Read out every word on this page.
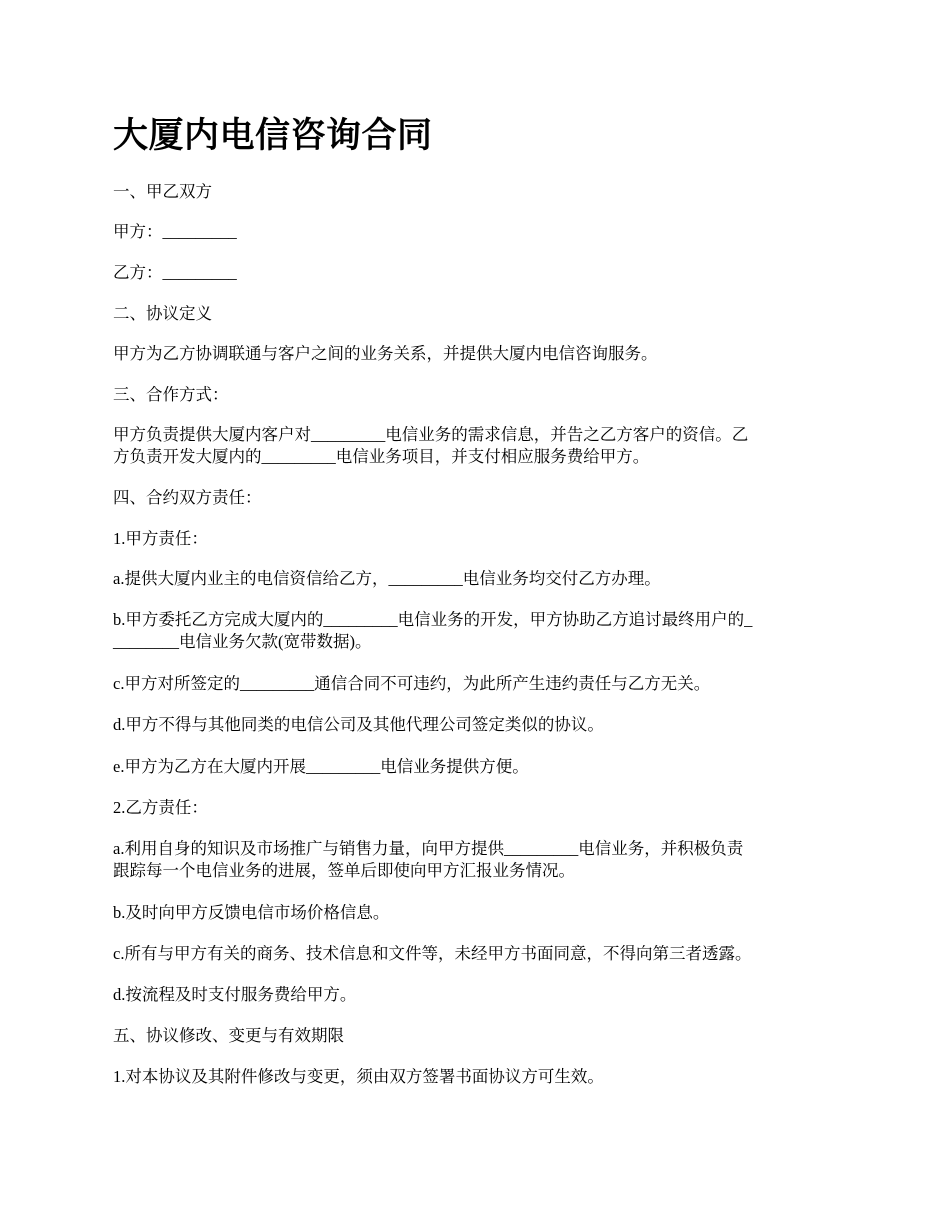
大厦内电信咨询合同

一、甲乙双方

甲方：_________

乙方：_________

二、协议定义

甲方为乙方协调联通与客户之间的业务关系，并提供大厦内电信咨询服务。

三、合作方式：

甲方负责提供大厦内客户对_________电信业务的需求信息，并告之乙方客户的资信。乙
方负责开发大厦内的_________电信业务项目，并支付相应服务费给甲方。

四、合约双方责任：

1.甲方责任：

a.提供大厦内业主的电信资信给乙方，_________电信业务均交付乙方办理。

b.甲方委托乙方完成大厦内的_________电信业务的开发，甲方协助乙方追讨最终用户的_
________电信业务欠款(宽带数据)。

c.甲方对所签定的_________通信合同不可违约，为此所产生违约责任与乙方无关。

d.甲方不得与其他同类的电信公司及其他代理公司签定类似的协议。

e.甲方为乙方在大厦内开展_________电信业务提供方便。

2.乙方责任：

a.利用自身的知识及市场推广与销售力量，向甲方提供_________电信业务，并积极负责
跟踪每一个电信业务的进展，签单后即使向甲方汇报业务情况。

b.及时向甲方反馈电信市场价格信息。

c.所有与甲方有关的商务、技术信息和文件等，未经甲方书面同意，不得向第三者透露。

d.按流程及时支付服务费给甲方。

五、协议修改、变更与有效期限

1.对本协议及其附件修改与变更，须由双方签署书面协议方可生效。
